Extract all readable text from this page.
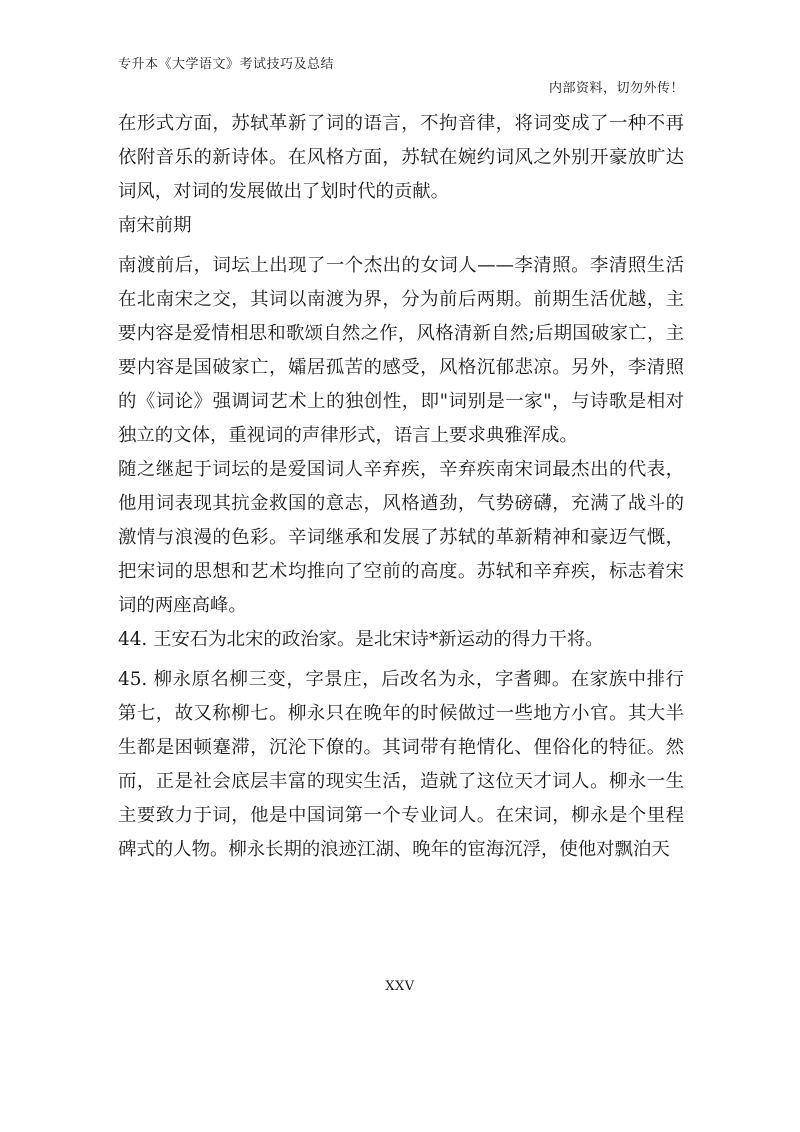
专升本《大学语文》考试技巧及总结
内部资料，切勿外传！

在形式方面，苏轼革新了词的语言，不拘音律，将词变成了一种不再依附音乐的新诗体。在风格方面，苏轼在婉约词风之外别开豪放旷达词风，对词的发展做出了划时代的贡献。

南宋前期

南渡前后，词坛上出现了一个杰出的女词人——李清照。李清照生活在北南宋之交，其词以南渡为界，分为前后两期。前期生活优越，主要内容是爱情相思和歌颂自然之作，风格清新自然;后期国破家亡，主要内容是国破家亡，孀居孤苦的感受，风格沉郁悲凉。另外，李清照的《词论》强调词艺术上的独创性，即"词别是一家"，与诗歌是相对独立的文体，重视词的声律形式，语言上要求典雅浑成。

随之继起于词坛的是爱国词人辛弃疾，辛弃疾南宋词最杰出的代表，他用词表现其抗金救国的意志，风格遒劲，气势磅礴，充满了战斗的激情与浪漫的色彩。辛词继承和发展了苏轼的革新精神和豪迈气慨，把宋词的思想和艺术均推向了空前的高度。苏轼和辛弃疾，标志着宋词的两座高峰。

44. 王安石为北宋的政治家。是北宋诗*新运动的得力干将。

45. 柳永原名柳三变，字景庄，后改名为永，字耆卿。在家族中排行第七，故又称柳七。柳永只在晚年的时候做过一些地方小官。其大半生都是困顿蹇滞，沉沦下僚的。其词带有艳情化、俚俗化的特征。然而，正是社会底层丰富的现实生活，造就了这位天才词人。柳永一生主要致力于词，他是中国词第一个专业词人。在宋词，柳永是个里程碑式的人物。柳永长期的浪迹江湖、晚年的宦海沉浮，使他对飘泊天

XXV
